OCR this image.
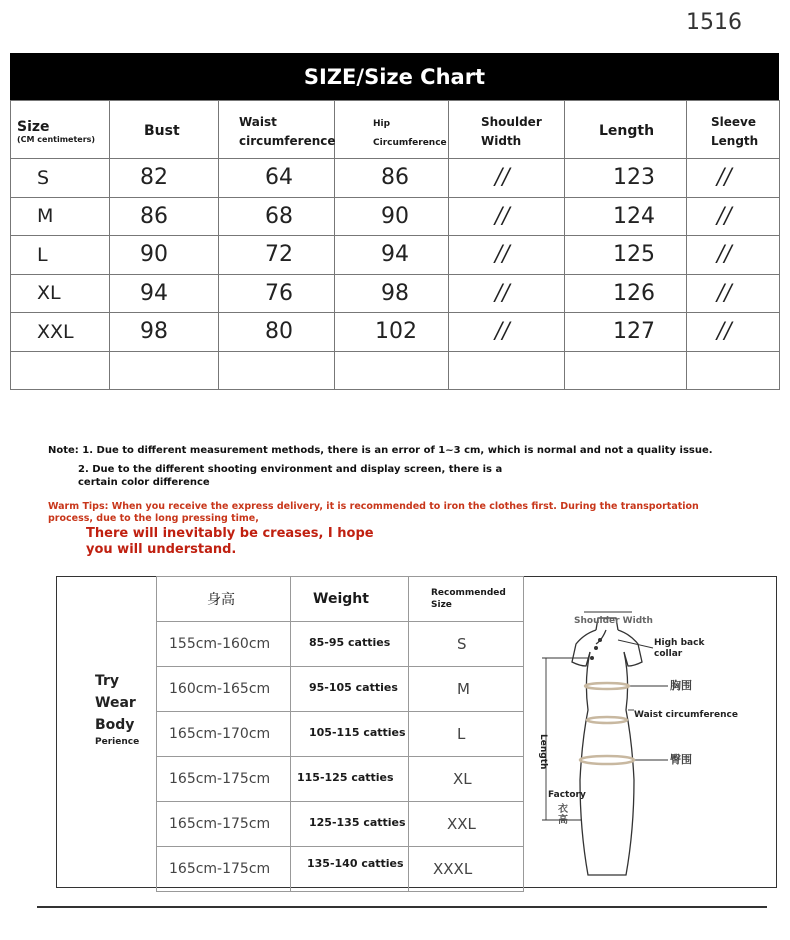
1516
SIZE/Size Chart
Size
(CM centimeters)	Bust	Waist circumference	Hip Circumference	Shoulder Width	Length	Sleeve Length
S	82	64	86	//	123	//
M	86	68	90	//	124	//
L	90	72	94	//	125	//
XL	94	76	98	//	126	//
XXL	98	80	102	//	127	//

Note: 1. Due to different measurement methods, there is an error of 1~3 cm, which is normal and not a quality issue.
2. Due to the different shooting environment and display screen, there is a
certain color difference
Warm Tips: When you receive the express delivery, it is recommended to iron the clothes first. During the transportation process, due to the long pressing time,
There will inevitably be creases, I hope you will understand.
Try
Wear
Body
Perience
身高	Weight	Recommended Size
155cm-160cm	85-95 catties	S
160cm-165cm	95-105 catties	M
165cm-170cm	105-115 catties	L
165cm-175cm	115-125 catties	XL
165cm-175cm	125-135 catties	XXL
165cm-175cm	135-140 catties	XXXL
Shoulder Width
High back collar
胸围
Waist circumference
臀围
Length
Factory
衣高
